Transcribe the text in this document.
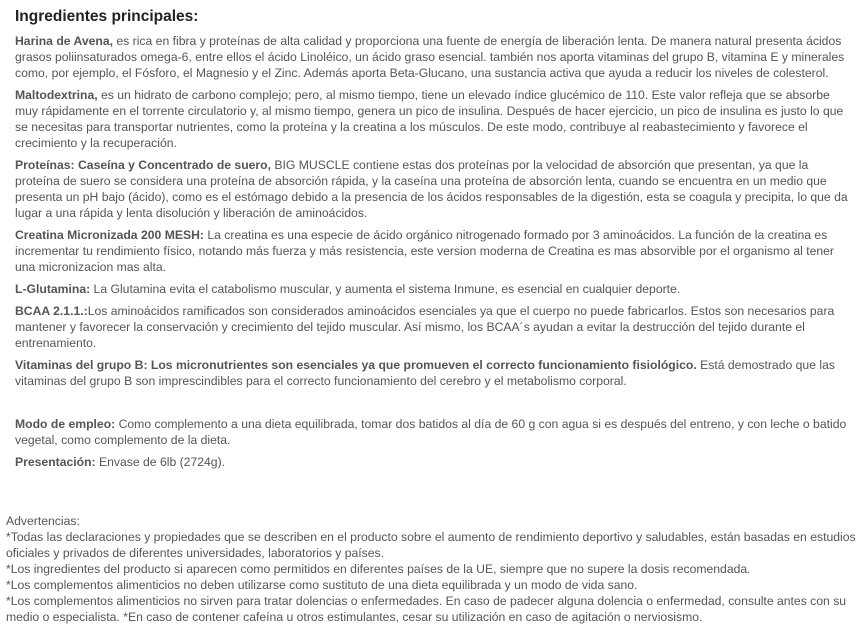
Ingredientes principales:

Harina de Avena, es rica en fibra y proteínas de alta calidad y proporciona una fuente de energía de liberación lenta. De manera natural presenta ácidos grasos poliinsaturados omega-6, entre ellos el ácido Linoléico, un ácido graso esencial. también nos aporta vitaminas del grupo B, vitamina E y minerales como, por ejemplo, el Fósforo, el Magnesio y el Zinc. Además aporta Beta-Glucano, una sustancia activa que ayuda a reducir los niveles de colesterol.

Maltodextrina, es un hidrato de carbono complejo; pero, al mismo tiempo, tiene un elevado índice glucémico de 110. Este valor refleja que se absorbe muy rápidamente en el torrente circulatorio y, al mismo tiempo, genera un pico de insulina. Después de hacer ejercicio, un pico de insulina es justo lo que se necesitas para transportar nutrientes, como la proteína y la creatina a los músculos. De este modo, contribuye al reabastecimiento y favorece el crecimiento y la recuperación.

Proteínas: Caseína y Concentrado de suero, BIG MUSCLE contiene estas dos proteínas por la velocidad de absorción que presentan, ya que la proteína de suero se considera una proteína de absorción rápida, y la caseína una proteína de absorción lenta, cuando se encuentra en un medio que presenta un pH bajo (ácido), como es el estómago debido a la presencia de los ácidos responsables de la digestión, esta se coagula y precipita, lo que da lugar a una rápida y lenta disolución y liberación de aminoácidos.

Creatina Micronizada 200 MESH: La creatina es una especie de ácido orgánico nitrogenado formado por 3 aminoácidos. La función de la creatina es incrementar tu rendimiento físico, notando más fuerza y más resistencia, este version moderna de Creatina es mas absorvible por el organismo al tener una micronizacion mas alta.

L-Glutamina: La Glutamina evita el catabolismo muscular, y aumenta el sistema Inmune, es esencial en cualquier deporte.

BCAA 2.1.1.:Los aminoácidos ramificados son considerados aminoácidos esenciales ya que el cuerpo no puede fabricarlos. Estos son necesarios para mantener y favorecer la conservación y crecimiento del tejido muscular. Así mismo, los BCAA´s ayudan a evitar la destrucción del tejido durante el entrenamiento.

Vitaminas del grupo B: Los micronutrientes son esenciales ya que promueven el correcto funcionamiento fisiológico. Está demostrado que las vitaminas del grupo B son imprescindibles para el correcto funcionamiento del cerebro y el metabolismo corporal.

Modo de empleo: Como complemento a una dieta equilibrada, tomar dos batidos al día de 60 g con agua si es después del entreno, y con leche o batido vegetal, como complemento de la dieta.

Presentación: Envase de 6lb (2724g).

Advertencias:

*Todas las declaraciones y propiedades que se describen en el producto sobre el aumento de rendimiento deportivo y saludables, están basadas en estudios oficiales y privados de diferentes universidades, laboratorios y países.

*Los ingredientes del producto si aparecen como permitidos en diferentes países de la UE, siempre que no supere la dosis recomendada.

*Los complementos alimenticios no deben utilizarse como sustituto de una dieta equilibrada y un modo de vida sano.

*Los complementos alimenticios no sirven para tratar dolencias o enfermedades. En caso de padecer alguna dolencia o enfermedad, consulte antes con su medio o especialista. *En caso de contener cafeína u otros estimulantes, cesar su utilización en caso de agitación o nerviosismo.
